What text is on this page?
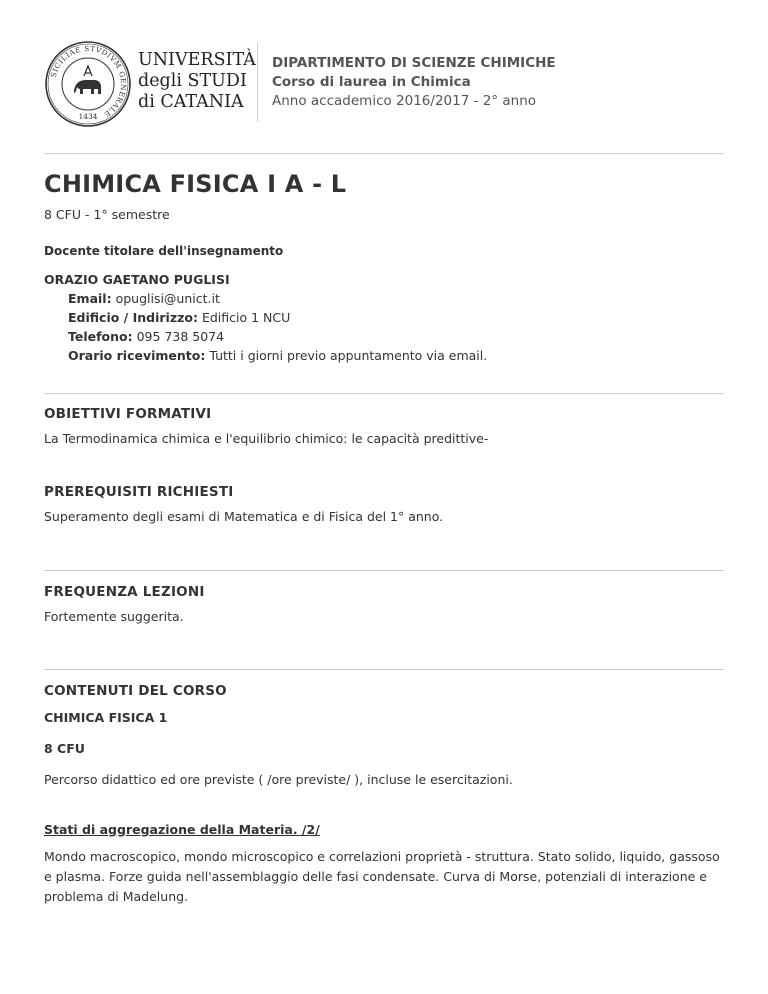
SICILIAE STVDIVM GENERALE
1434
UNIVERSITÀ
degli STUDI
di CATANIA
DIPARTIMENTO DI SCIENZE CHIMICHE
Corso di laurea in Chimica
Anno accademico 2016/2017 - 2° anno
CHIMICA FISICA I A - L
8 CFU - 1° semestre
Docente titolare dell'insegnamento
ORAZIO GAETANO PUGLISI
Email: opuglisi@unict.it
Edificio / Indirizzo: Edificio 1 NCU
Telefono: 095 738 5074
Orario ricevimento: Tutti i giorni previo appuntamento via email.
OBIETTIVI FORMATIVI
La Termodinamica chimica e l'equilibrio chimico: le capacità predittive-
PREREQUISITI RICHIESTI
Superamento degli esami di Matematica e di Fisica del 1° anno.
FREQUENZA LEZIONI
Fortemente suggerita.
CONTENUTI DEL CORSO
CHIMICA FISICA 1
8 CFU
Percorso didattico ed ore previste ( /ore previste/ ), incluse le esercitazioni.
Stati di aggregazione della Materia. /2/
Mondo macroscopico, mondo microscopico e correlazioni proprietà - struttura. Stato solido, liquido, gassoso e plasma. Forze guida nell'assemblaggio delle fasi condensate. Curva di Morse, potenziali di interazione e problema di Madelung.
